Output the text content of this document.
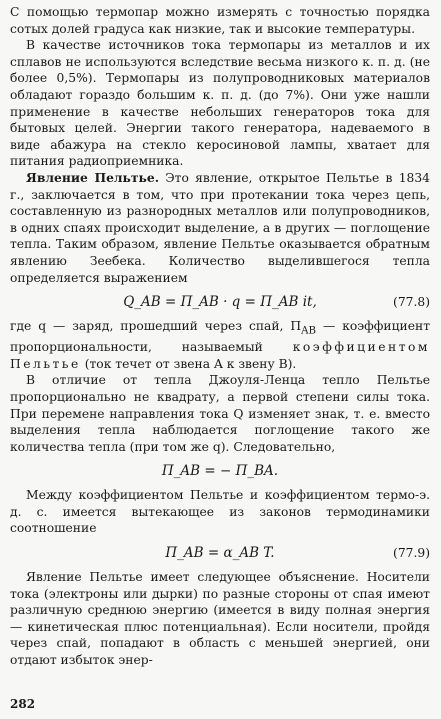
С помощью термопар можно измерять с точностью порядка сотых долей градуса как низкие, так и высокие температуры.

В качестве источников тока термопары из металлов и их сплавов не используются вследствие весьма низкого к. п. д. (не более 0,5%). Термопары из полупроводниковых материалов обладают гораздо большим к. п. д. (до 7%). Они уже нашли применение в качестве небольших генераторов тока для бытовых целей. Энергии такого генератора, надеваемого в виде абажура на стекло керосиновой лампы, хватает для питания радиоприемника.

Явление Пельтье. Это явление, открытое Пельтье в 1834 г., заключается в том, что при протекании тока через цепь, составленную из разнородных металлов или полупроводников, в одних спаях происходит выделение, а в других — поглощение тепла. Таким образом, явление Пельтье оказывается обратным явлению Зеебека. Количество выделившегося тепла определяется выражением

Q_AB = Π_AB · q = Π_AB it,	(77.8)

где q — заряд, прошедший через спай, $\Pi_{AB}$ — коэффициент пропорциональности, называемый коэффициентом Пельтье (ток течет от звена A к звену B).

В отличие от тепла Джоуля-Ленца тепло Пельтье пропорционально не квадрату, а первой степени силы тока. При перемене направления тока Q изменяет знак, т. е. вместо выделения тепла наблюдается поглощение такого же количества тепла (при том же q). Следовательно,

Π_AB = − Π_BA.

Между коэффициентом Пельтье и коэффициентом термо-э. д. с. имеется вытекающее из законов термодинамики соотношение

Π_AB = α_AB T.	(77.9)

Явление Пельтье имеет следующее объяснение. Носители тока (электроны или дырки) по разные стороны от спая имеют различную среднюю энергию (имеется в виду полная энергия — кинетическая плюс потенциальная). Если носители, пройдя через спай, попадают в область с меньшей энергией, они отдают избыток энер-

282
